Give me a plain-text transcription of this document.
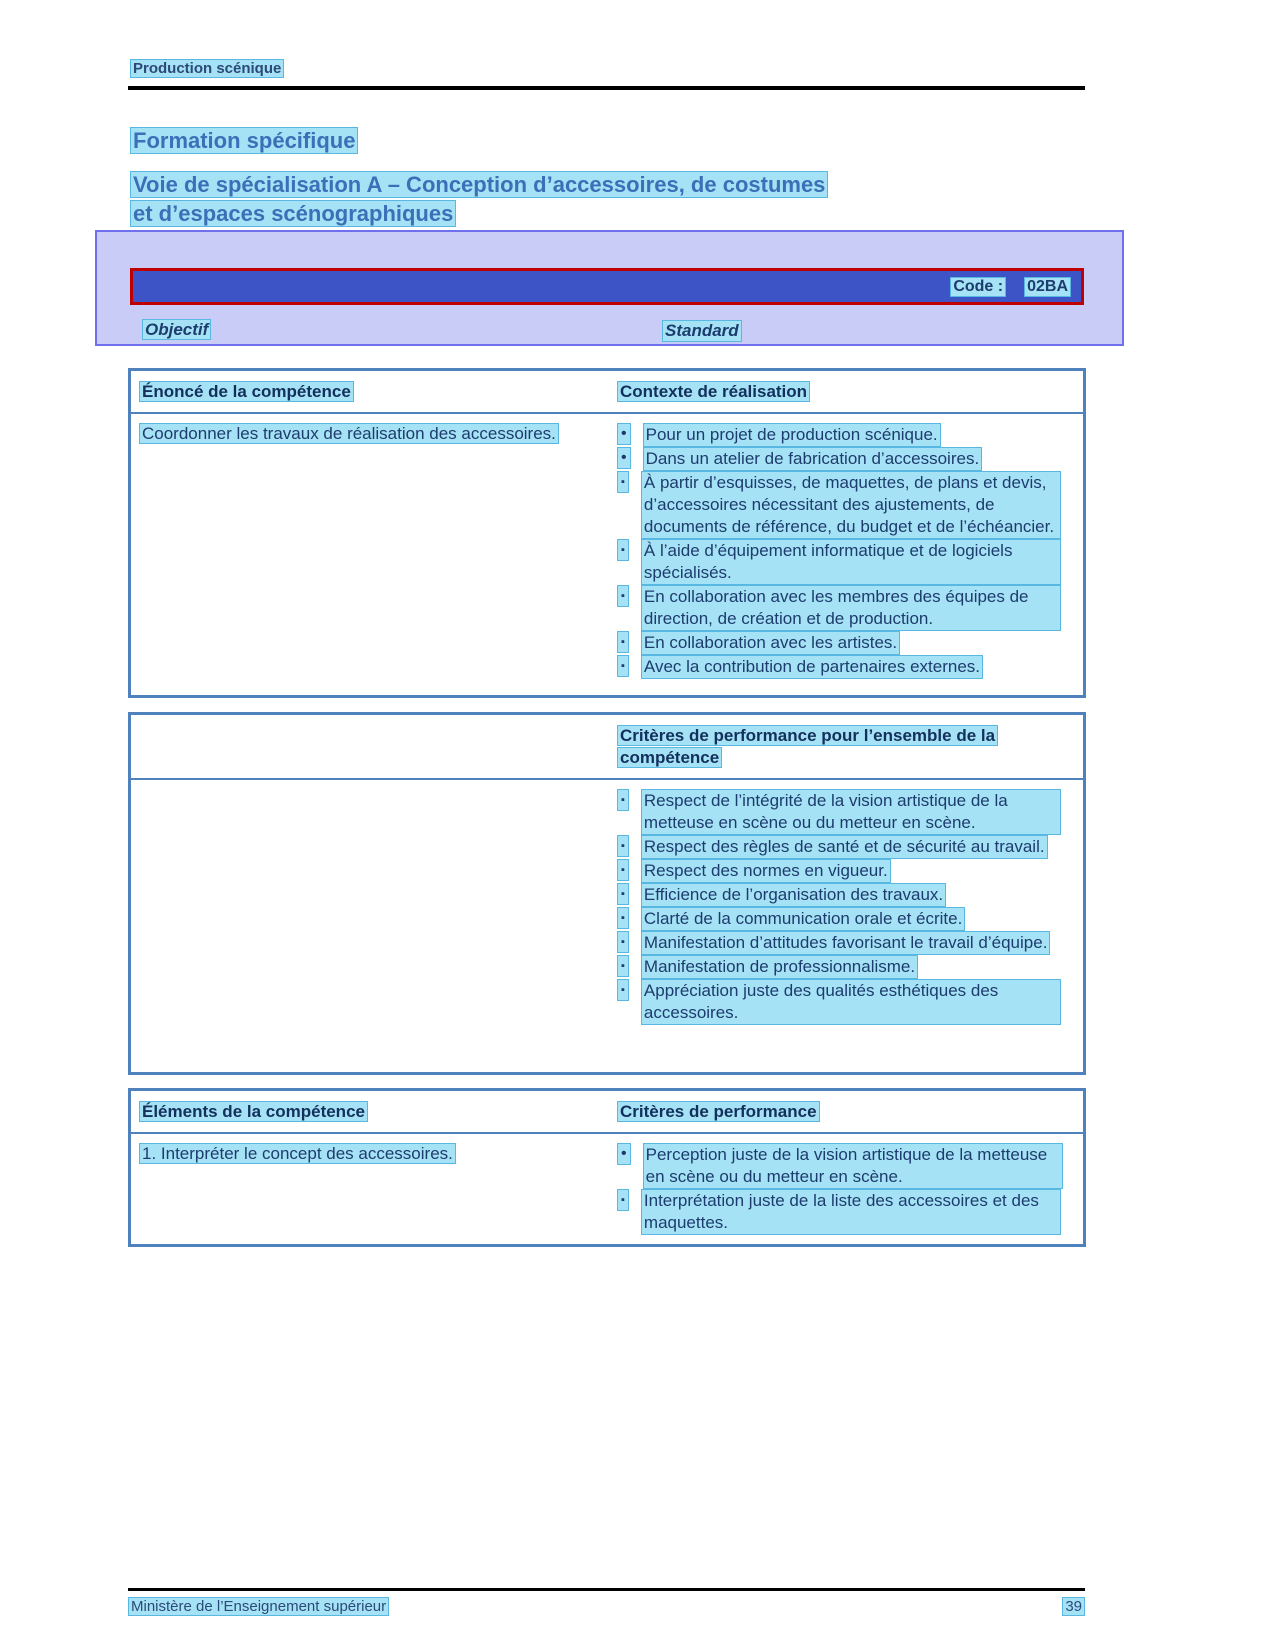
Production scénique
Formation spécifique
Voie de spécialisation A – Conception d’accessoires, de costumes
et d’espaces scénographiques
Code : 02BA
Objectif	Standard
Énoncé de la compétence	Contexte de réalisation
Coordonner les travaux de réalisation des accessoires.	• Pour un projet de production scénique.
• Dans un atelier de fabrication d’accessoires.
▪ À partir d’esquisses, de maquettes, de plans et devis, d’accessoires nécessitant des ajustements, de documents de référence, du budget et de l’échéancier.
▪ À l’aide d’équipement informatique et de logiciels spécialisés.
▪ En collaboration avec les membres des équipes de direction, de création et de production.
▪ En collaboration avec les artistes.
▪ Avec la contribution de partenaires externes.
Critères de performance pour l’ensemble de la compétence
▪ Respect de l’intégrité de la vision artistique de la metteuse en scène ou du metteur en scène.
▪ Respect des règles de santé et de sécurité au travail.
▪ Respect des normes en vigueur.
▪ Efficience de l’organisation des travaux.
▪ Clarté de la communication orale et écrite.
▪ Manifestation d’attitudes favorisant le travail d’équipe.
▪ Manifestation de professionnalisme.
▪ Appréciation juste des qualités esthétiques des accessoires.
Éléments de la compétence	Critères de performance
1. Interpréter le concept des accessoires.	• Perception juste de la vision artistique de la metteuse en scène ou du metteur en scène.
▪ Interprétation juste de la liste des accessoires et des maquettes.
Ministère de l’Enseignement supérieur	39
